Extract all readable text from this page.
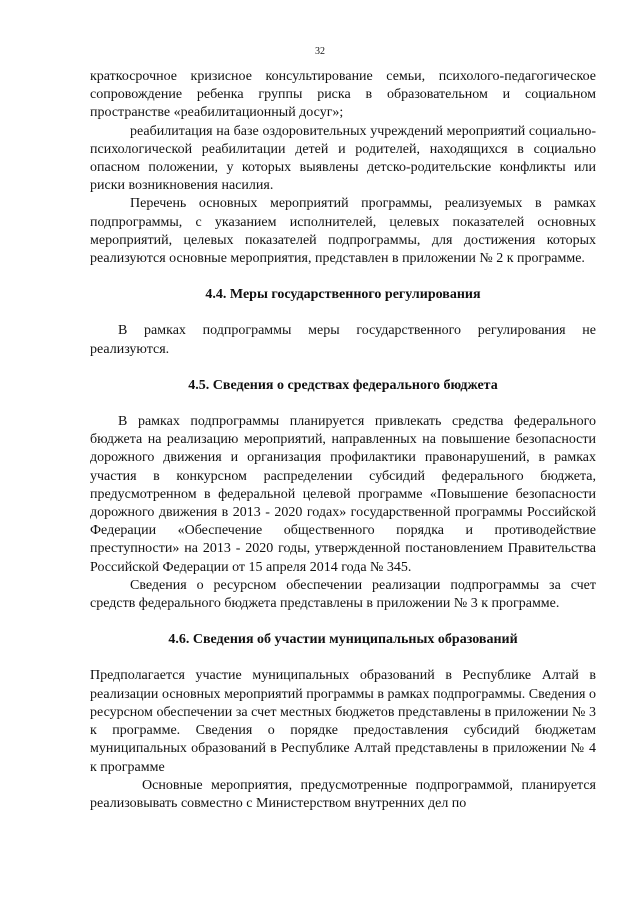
32

краткосрочное кризисное консультирование семьи, психолого-педагогическое сопровождение ребенка группы риска в образовательном и социальном пространстве «реабилитационный досуг»;

реабилитация на базе оздоровительных учреждений мероприятий социально-психологической реабилитации детей и родителей, находящихся в социально опасном положении, у которых выявлены детско-родительские конфликты или риски возникновения насилия.

Перечень основных мероприятий программы, реализуемых в рамках подпрограммы, с указанием исполнителей, целевых показателей основных мероприятий, целевых показателей подпрограммы, для достижения которых реализуются основные мероприятия, представлен в приложении № 2 к программе.

4.4. Меры государственного регулирования

В рамках подпрограммы меры государственного регулирования не реализуются.

4.5. Сведения о средствах федерального бюджета

В рамках подпрограммы планируется привлекать средства федерального бюджета на реализацию мероприятий, направленных на повышение безопасности дорожного движения и организация профилактики правонарушений, в рамках участия в конкурсном распределении субсидий федерального бюджета, предусмотренном в федеральной целевой программе «Повышение безопасности дорожного движения в 2013 - 2020 годах» государственной программы Российской Федерации «Обеспечение общественного порядка и противодействие преступности» на 2013 - 2020 годы, утвержденной постановлением Правительства Российской Федерации от 15 апреля 2014 года № 345.

Сведения о ресурсном обеспечении реализации подпрограммы за счет средств федерального бюджета представлены в приложении № 3 к программе.

4.6. Сведения об участии муниципальных образований

Предполагается участие муниципальных образований в Республике Алтай в реализации основных мероприятий программы в рамках подпрограммы. Сведения о ресурсном обеспечении за счет местных бюджетов представлены в приложении № 3 к программе. Сведения о порядке предоставления субсидий бюджетам муниципальных образований в Республике Алтай представлены в приложении № 4 к программе

Основные мероприятия, предусмотренные подпрограммой, планируется реализовывать совместно с Министерством внутренних дел по
